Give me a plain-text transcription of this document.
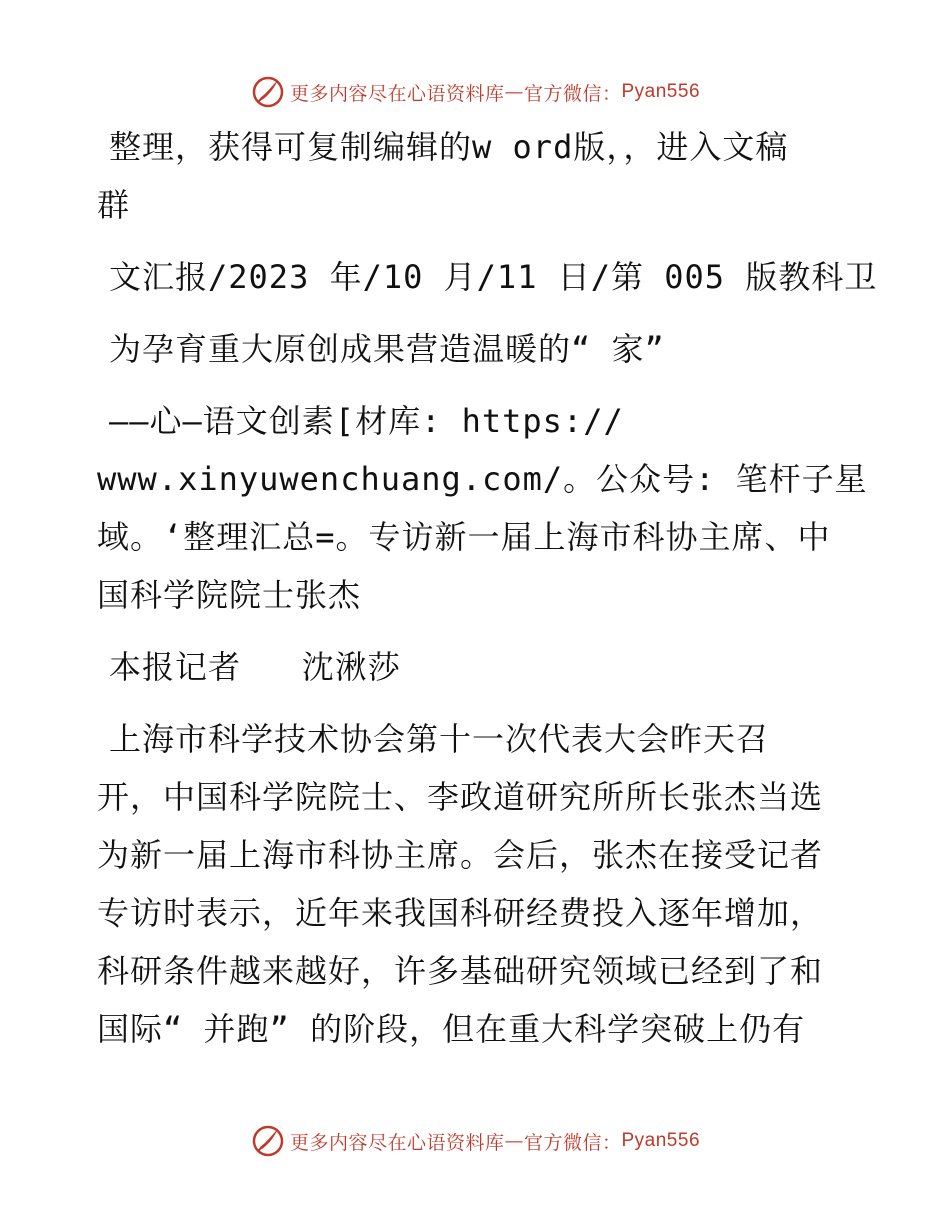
更多内容尽在心语资料库 — 官方微信： Pyan556

整理，获得可复制编辑的w ord版，，进入文稿
群

文汇报/2023 年/10 月/11 日/第 005 版教科卫

为孕育重大原创成果营造温暖的“ 家”

——心—语文创素[材库: https://
www.xinyuwenchuang.com/。公众号: 笔杆子星
域。‘整理汇总=。专访新一届上海市科协主席、中
国科学院院士张杰

本报记者   沈湫莎

上海市科学技术协会第十一次代表大会昨天召
开，中国科学院院士、李政道研究所所长张杰当选
为新一届上海市科协主席。会后，张杰在接受记者
专访时表示，近年来我国科研经费投入逐年增加，
科研条件越来越好，许多基础研究领域已经到了和
国际“ 并跑” 的阶段，但在重大科学突破上仍有

更多内容尽在心语资料库 — 官方微信： Pyan556
